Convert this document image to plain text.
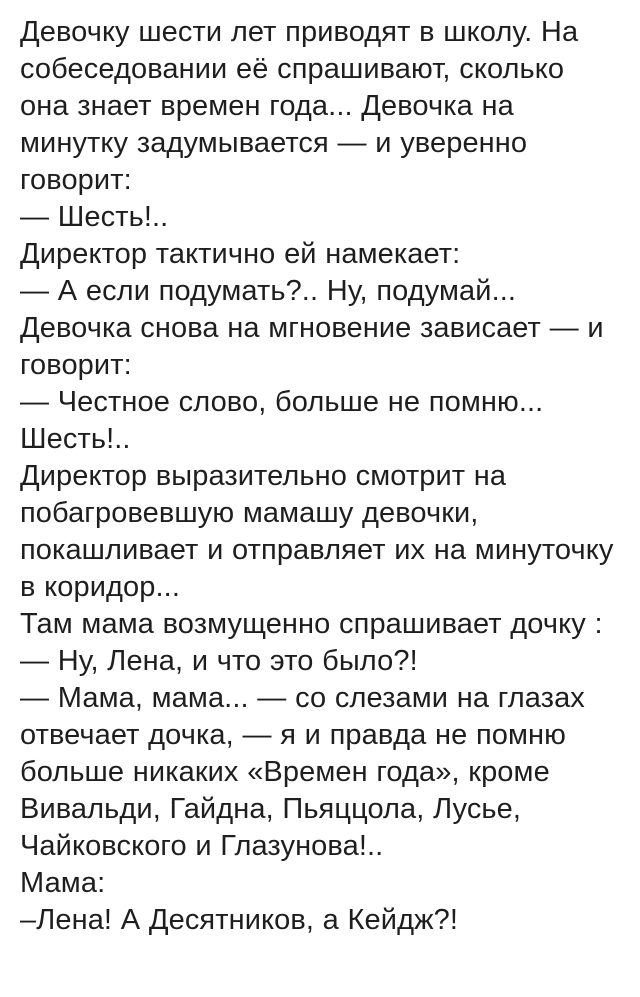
Девочку шести лет приводят в школу. На собеседовании её спрашивают, сколько она знает времен года... Девочка на минутку задумывается — и уверенно говорит:

— Шесть!..

Директор тактично ей намекает:

— А если подумать?.. Ну, подумай...

Девочка снова на мгновение зависает — и говорит:

— Честное слово, больше не помню... Шесть!..

Директор выразительно смотрит на побагровевшую мамашу девочки, покашливает и отправляет их на минуточку в коридор...

Там мама возмущенно спрашивает дочку :

— Ну, Лена, и что это было?!

— Мама, мама... — со слезами на глазах отвечает дочка, — я и правда не помню больше никаких «Времен года», кроме Вивальди, Гайдна, Пьяццола, Лусье, Чайковского и Глазунова!..

Мама:

–Лена! А Десятников, а Кейдж?!
